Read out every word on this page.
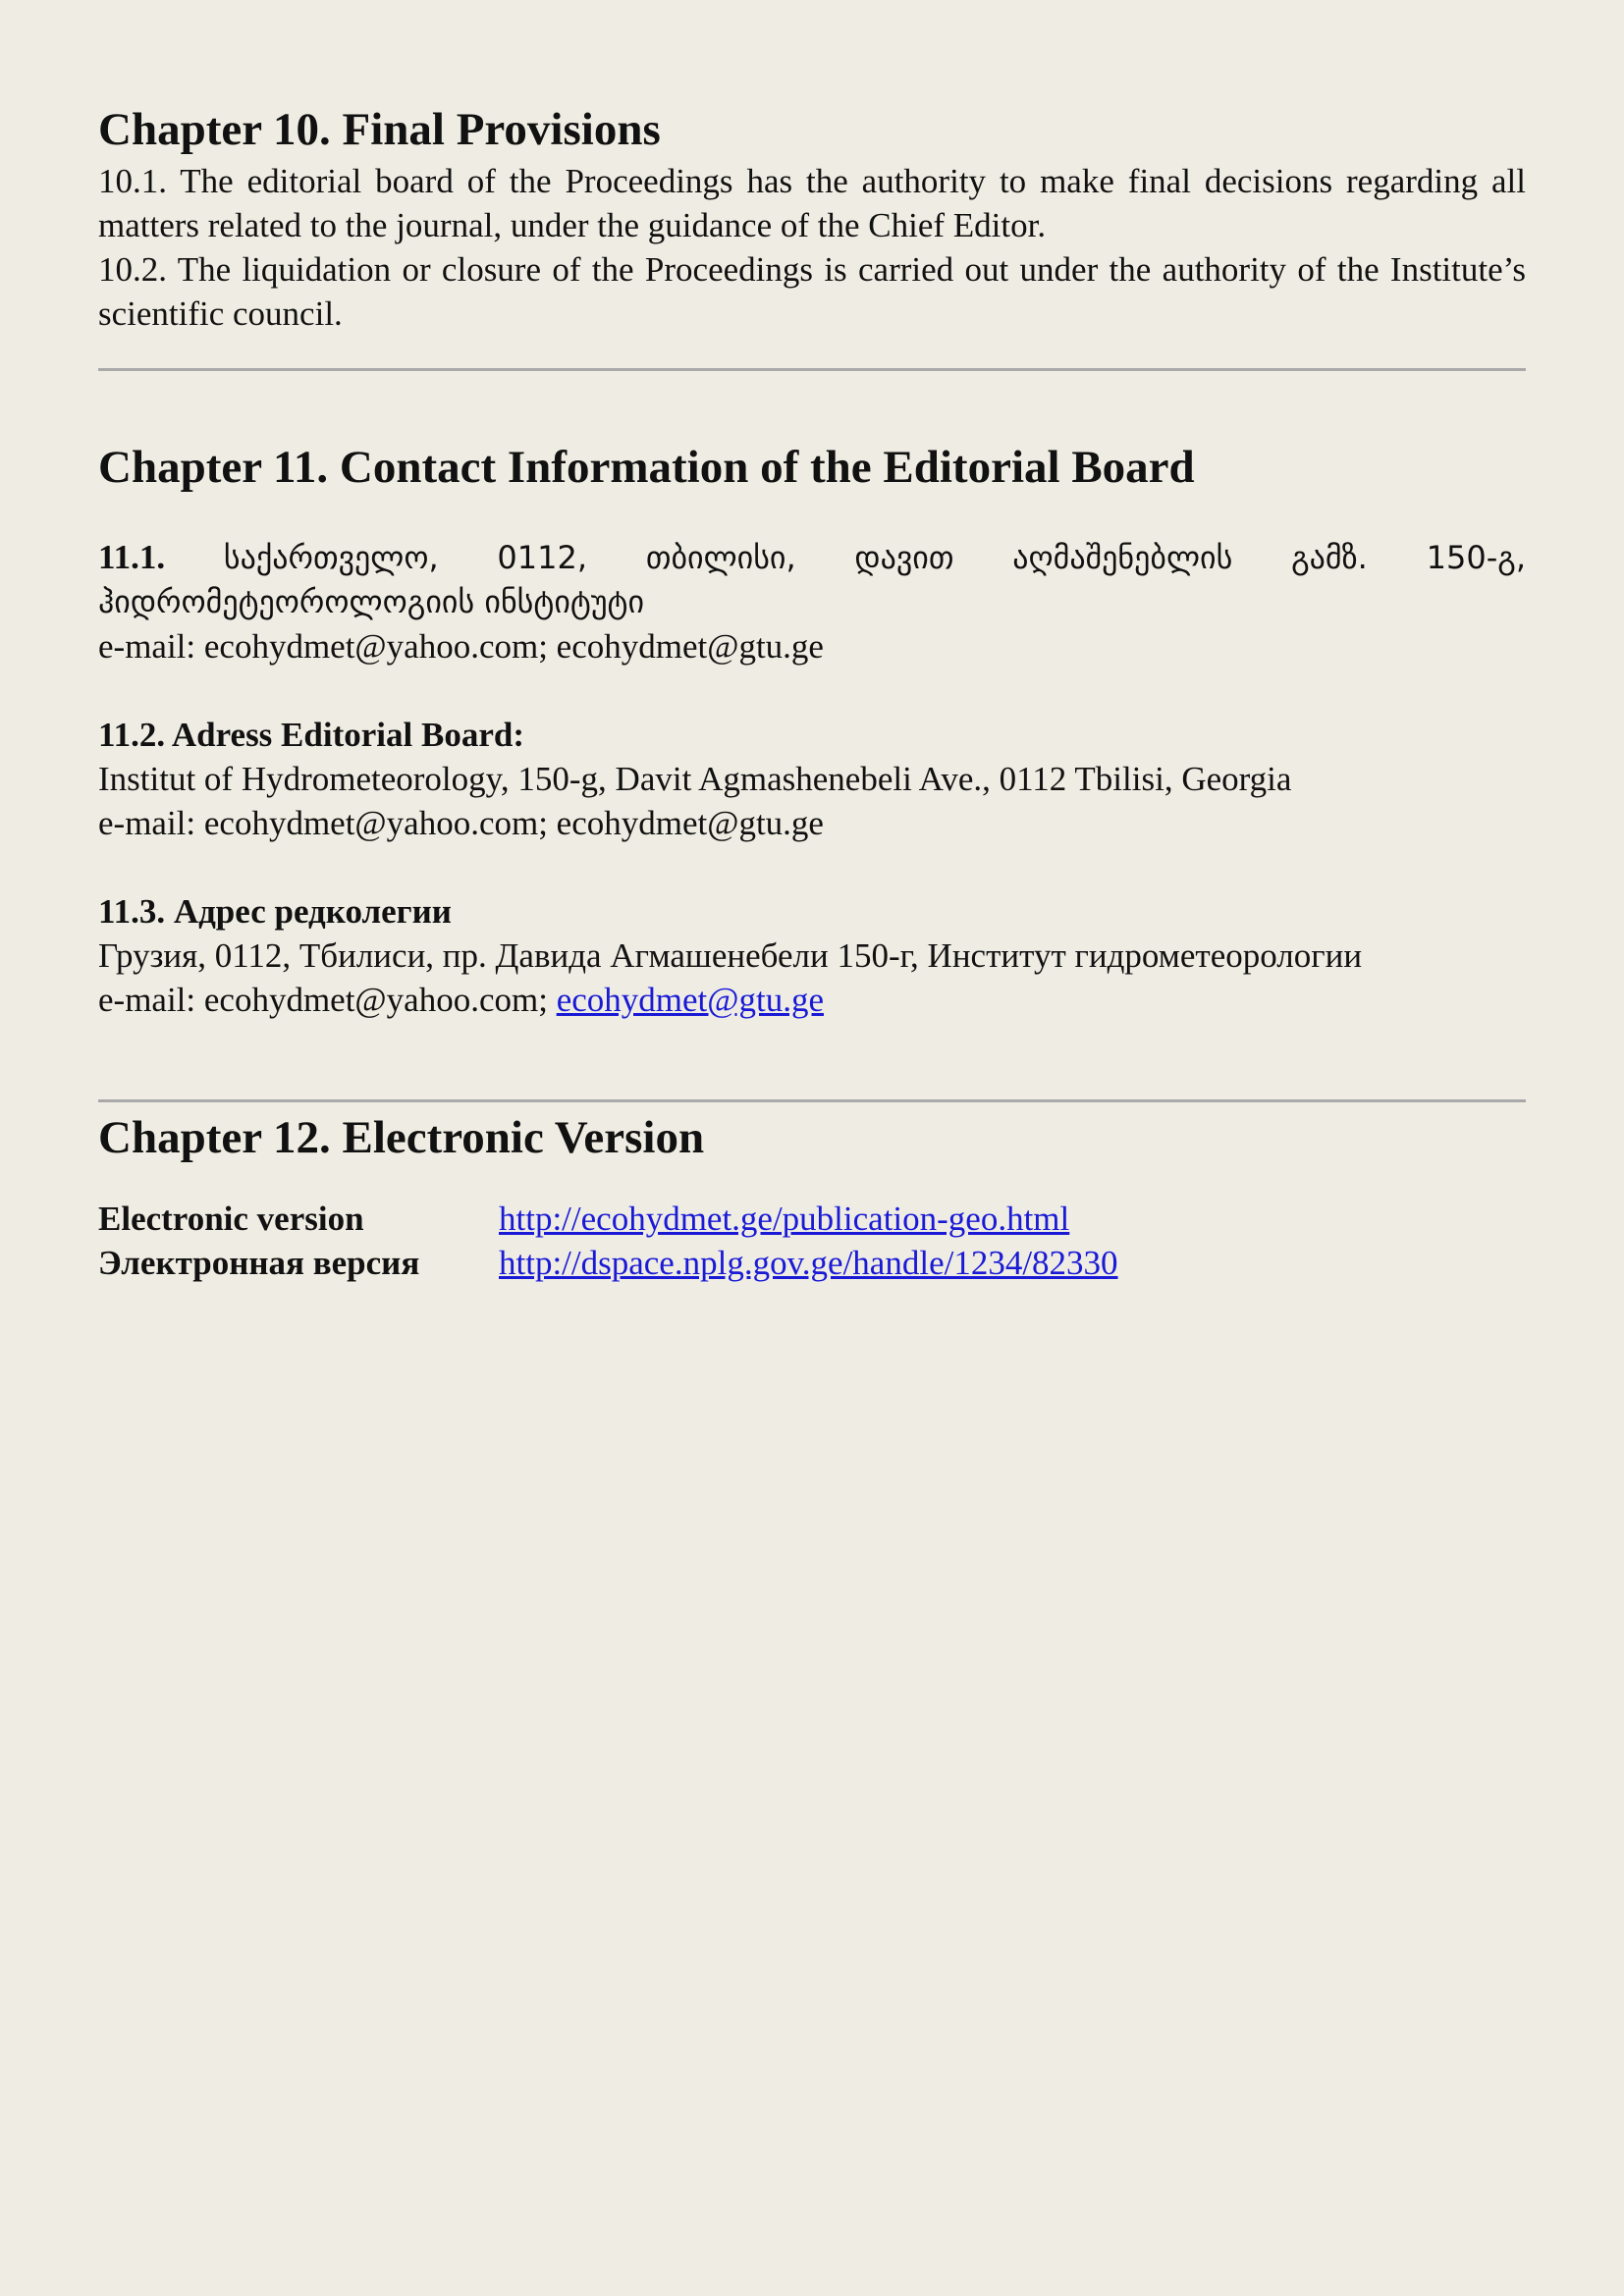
Chapter 10. Final Provisions

10.1. The editorial board of the Proceedings has the authority to make final decisions regarding all matters related to the journal, under the guidance of the Chief Editor.

10.2. The liquidation or closure of the Proceedings is carried out under the authority of the Institute’s scientific council.

Chapter 11. Contact Information of the Editorial Board

11.1. საქართველო, 0112, თბილისი, დავით აღმაშენებლის გამზ. 150-გ, ჰიდრომეტეოროლოგიის ინსტიტუტი

e-mail: ecohydmet@yahoo.com; ecohydmet@gtu.ge

11.2. Adress Editorial Board:

Institut of Hydrometeorology, 150-g, Davit Agmashenebeli Ave., 0112 Tbilisi, Georgia

e-mail: ecohydmet@yahoo.com; ecohydmet@gtu.ge

11.3. Адрес редколегии

Грузия, 0112, Тбилиси, пр. Давида Агмашенебели 150-г, Институт гидрометеорологии

e-mail: ecohydmet@yahoo.com; ecohydmet@gtu.ge

Chapter 12. Electronic Version
Electronic version	http://ecohydmet.ge/publication-geo.html
Электронная версия	http://dspace.nplg.gov.ge/handle/1234/82330
